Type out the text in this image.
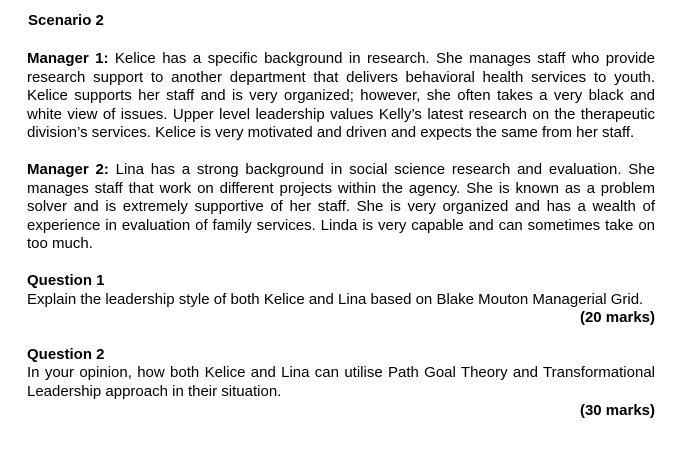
Scenario 2

Manager 1: Kelice has a specific background in research. She manages staff who provide research support to another department that delivers behavioral health services to youth. Kelice supports her staff and is very organized; however, she often takes a very black and white view of issues. Upper level leadership values Kelly’s latest research on the therapeutic division’s services. Kelice is very motivated and driven and expects the same from her staff.

Manager 2: Lina has a strong background in social science research and evaluation. She manages staff that work on different projects within the agency. She is known as a problem solver and is extremely supportive of her staff. She is very organized and has a wealth of experience in evaluation of family services. Linda is very capable and can sometimes take on too much.

Question 1

Explain the leadership style of both Kelice and Lina based on Blake Mouton Managerial Grid.

(20 marks)

Question 2

In your opinion, how both Kelice and Lina can utilise Path Goal Theory and Transformational Leadership approach in their situation.

(30 marks)
